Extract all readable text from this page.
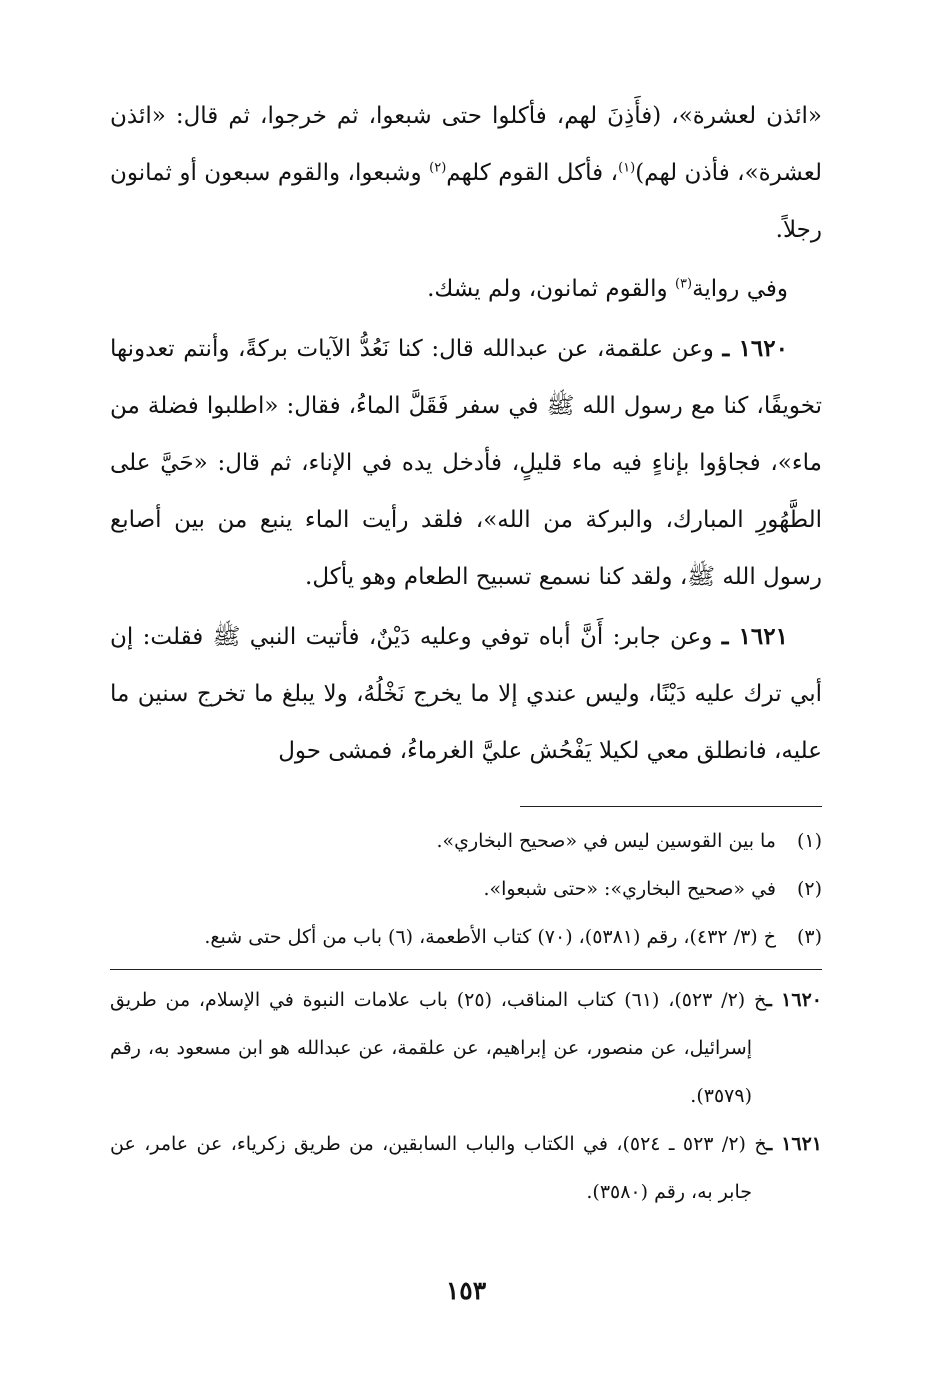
«ائذن لعشرة»، (فأَذِنَ لهم، فأكلوا حتى شبعوا، ثم خرجوا، ثم قال: «ائذن لعشرة»، فأذن لهم)$^{(١)}$، فأكل القوم كلهم$^{(٢)}$ وشبعوا، والقوم سبعون أو ثمانون رجلاً.

وفي رواية$^{(٣)}$ والقوم ثمانون، ولم يشك.

١٦٢٠ ـ وعن علقمة، عن عبدالله قال: كنا نَعُدُّ الآيات بركةً، وأنتم تعدونها تخويفًا، كنا مع رسول الله ﷺ في سفر فَقَلَّ الماءُ، فقال: «اطلبوا فضلة من ماء»، فجاؤوا بإناءٍ فيه ماء قليلٍ، فأدخل يده في الإناء، ثم قال: «حَيَّ على الطَّهُورِ المبارك، والبركة من الله»، فلقد رأيت الماء ينبع من بين أصابع رسول الله ﷺ، ولقد كنا نسمع تسبيح الطعام وهو يأكل.

١٦٢١ ـ وعن جابر: أَنَّ أباه توفي وعليه دَيْنٌ، فأتيت النبي ﷺ فقلت: إن أبي ترك عليه دَيْنًا، وليس عندي إلا ما يخرج نَخْلُهُ، ولا يبلغ ما تخرج سنين ما عليه، فانطلق معي لكيلا يَفْحُش عليَّ الغرماءُ، فمشى حول

(١)
ما بين القوسين ليس في «صحيح البخاري».
(٢)
في «صحيح البخاري»: «حتى شبعوا».
(٣)
خ (٣/ ٤٣٢)، رقم (٥٣٨١)، (٧٠) كتاب الأطعمة، (٦) باب من أكل حتى شبع.
١٦٢٠ ـخ (٢/ ٥٢٣)، (٦١) كتاب المناقب، (٢٥) باب علامات النبوة في الإسلام، من طريق إسرائيل، عن منصور، عن إبراهيم، عن علقمة، عن عبدالله هو ابن مسعود به، رقم (٣٥٧٩).
١٦٢١ ـخ (٢/ ٥٢٣ ـ ٥٢٤)، في الكتاب والباب السابقين، من طريق زكرياء، عن عامر، عن جابر به، رقم (٣٥٨٠).
١٥٣
